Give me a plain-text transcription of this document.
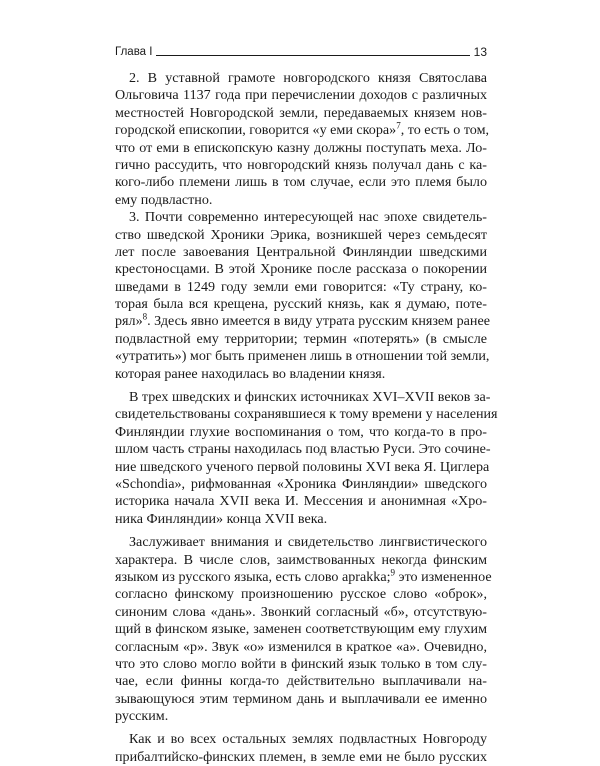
Глава I	13

2. В уставной грамоте новгородского князя Святослава
Ольговича 1137 года при перечислении доходов с различных
местностей Новгородской земли, передаваемых князем нов-
городской епископии, говорится «у еми скора»$^7$, то есть о том,
что от еми в епископскую казну должны поступать меха. Ло-
гично рассудить, что новгородский князь получал дань с ка-
кого-либо племени лишь в том случае, если это племя было
ему подвластно.

3. Почти современно интересующей нас эпохе свидетель-
ство шведской Хроники Эрика, возникшей через семьдесят
лет после завоевания Центральной Финляндии шведскими
крестоносцами. В этой Хронике после рассказа о покорении
шведами в 1249 году земли еми говорится: «Ту страну, ко-
торая была вся крещена, русский князь, как я думаю, поте-
рял»$^8$. Здесь явно имеется в виду утрата русским князем ранее
подвластной ему территории; термин «потерять» (в смысле
«утратить») мог быть применен лишь в отношении той земли,
которая ранее находилась во владении князя.

В трех шведских и финских источниках XVI–XVII веков за-
свидетельствованы сохранявшиеся к тому времени у населения
Финляндии глухие воспоминания о том, что когда-то в про-
шлом часть страны находилась под властью Руси. Это сочине-
ние шведского ученого первой половины XVI века Я. Циглера
«Schondia», рифмованная «Хроника Финляндии» шведского
историка начала XVII века И. Мессения и анонимная «Хро-
ника Финляндии» конца XVII века.

Заслуживает внимания и свидетельство лингвистического
характера. В числе слов, заимствованных некогда финским
языком из русского языка, есть слово aprakka;$^9$ это измененное
согласно финскому произношению русское слово «оброк»,
синоним слова «дань». Звонкий согласный «б», отсутствую-
щий в финском языке, заменен соответствующим ему глухим
согласным «р». Звук «о» изменился в краткое «а». Очевидно,
что это слово могло войти в финский язык только в том слу-
чае, если финны когда-то действительно выплачивали на-
зывающуюся этим термином дань и выплачивали ее именно
русским.

Как и во всех остальных землях подвластных Новгороду
прибалтийско-финских племен, в земле еми не было русских
